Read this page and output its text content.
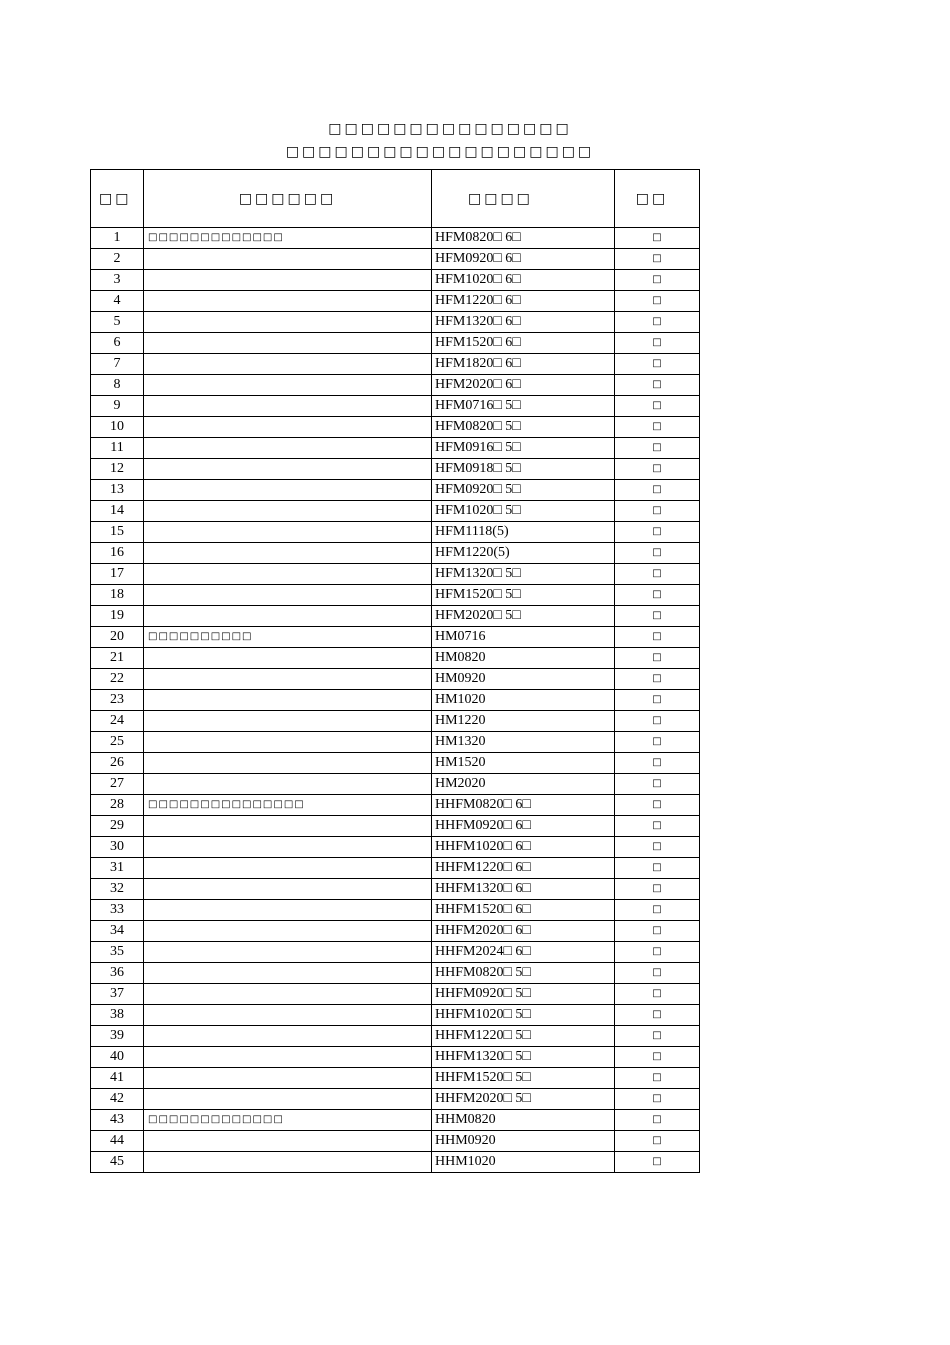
□□□□□□□□□□□□□□□
□□□□□□□□□□□□□□□□□□□
□□	□□□□□□	□□□□	□□
1	□□□□□□□□□□□□□	HFM0820□ 6□	□
2		HFM0920□ 6□	□
3		HFM1020□ 6□	□
4		HFM1220□ 6□	□
5		HFM1320□ 6□	□
6		HFM1520□ 6□	□
7		HFM1820□ 6□	□
8		HFM2020□ 6□	□
9		HFM0716□ 5□	□
10		HFM0820□ 5□	□
11		HFM0916□ 5□	□
12		HFM0918□ 5□	□
13		HFM0920□ 5□	□
14		HFM1020□ 5□	□
15		HFM1118(5)	□
16		HFM1220(5)	□
17		HFM1320□ 5□	□
18		HFM1520□ 5□	□
19		HFM2020□ 5□	□
20	□□□□□□□□□□	HM0716	□
21		HM0820	□
22		HM0920	□
23		HM1020	□
24		HM1220	□
25		HM1320	□
26		HM1520	□
27		HM2020	□
28	□□□□□□□□□□□□□□□	HHFM0820□ 6□	□
29		HHFM0920□ 6□	□
30		HHFM1020□ 6□	□
31		HHFM1220□ 6□	□
32		HHFM1320□ 6□	□
33		HHFM1520□ 6□	□
34		HHFM2020□ 6□	□
35		HHFM2024□ 6□	□
36		HHFM0820□ 5□	□
37		HHFM0920□ 5□	□
38		HHFM1020□ 5□	□
39		HHFM1220□ 5□	□
40		HHFM1320□ 5□	□
41		HHFM1520□ 5□	□
42		HHFM2020□ 5□	□
43	□□□□□□□□□□□□□	HHM0820	□
44		HHM0920	□
45		HHM1020	□
